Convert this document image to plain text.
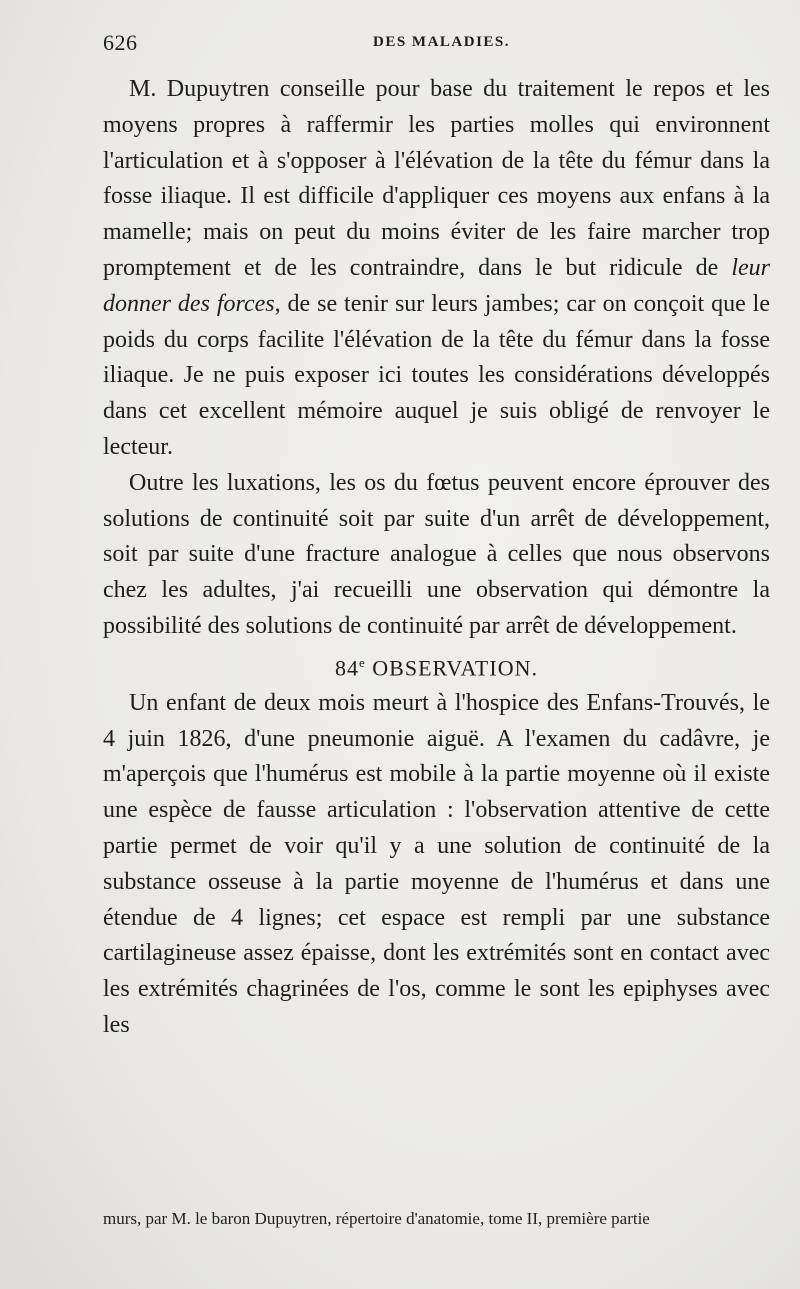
626	DES MALADIES.

M. Dupuytren conseille pour base du traitement le repos et les moyens propres à raffermir les parties molles qui environnent l'articulation et à s'opposer à l'élévation de la tête du fémur dans la fosse iliaque. Il est difficile d'appliquer ces moyens aux enfans à la mamelle; mais on peut du moins éviter de les faire marcher trop promptement et de les contraindre, dans le but ridicule de leur donner des forces, de se tenir sur leurs jambes; car on conçoit que le poids du corps facilite l'élévation de la tête du fémur dans la fosse iliaque. Je ne puis exposer ici toutes les considérations développés dans cet excellent mémoire auquel je suis obligé de renvoyer le lecteur.

Outre les luxations, les os du fœtus peuvent encore éprouver des solutions de continuité soit par suite d'un arrêt de développement, soit par suite d'une fracture analogue à celles que nous observons chez les adultes, j'ai recueilli une observation qui démontre la possibilité des solutions de continuité par arrêt de développement.

84e OBSERVATION.

Un enfant de deux mois meurt à l'hospice des Enfans-Trouvés, le 4 juin 1826, d'une pneumonie aiguë. A l'examen du cadâvre, je m'aperçois que l'humérus est mobile à la partie moyenne où il existe une espèce de fausse articulation : l'observation attentive de cette partie permet de voir qu'il y a une solution de continuité de la substance osseuse à la partie moyenne de l'humérus et dans une étendue de 4 lignes; cet espace est rempli par une substance cartilagineuse assez épaisse, dont les extrémités sont en contact avec les extrémités chagrinées de l'os, comme le sont les epiphyses avec les

murs, par M. le baron Dupuytren, répertoire d'anatomie, tome II, première partie
